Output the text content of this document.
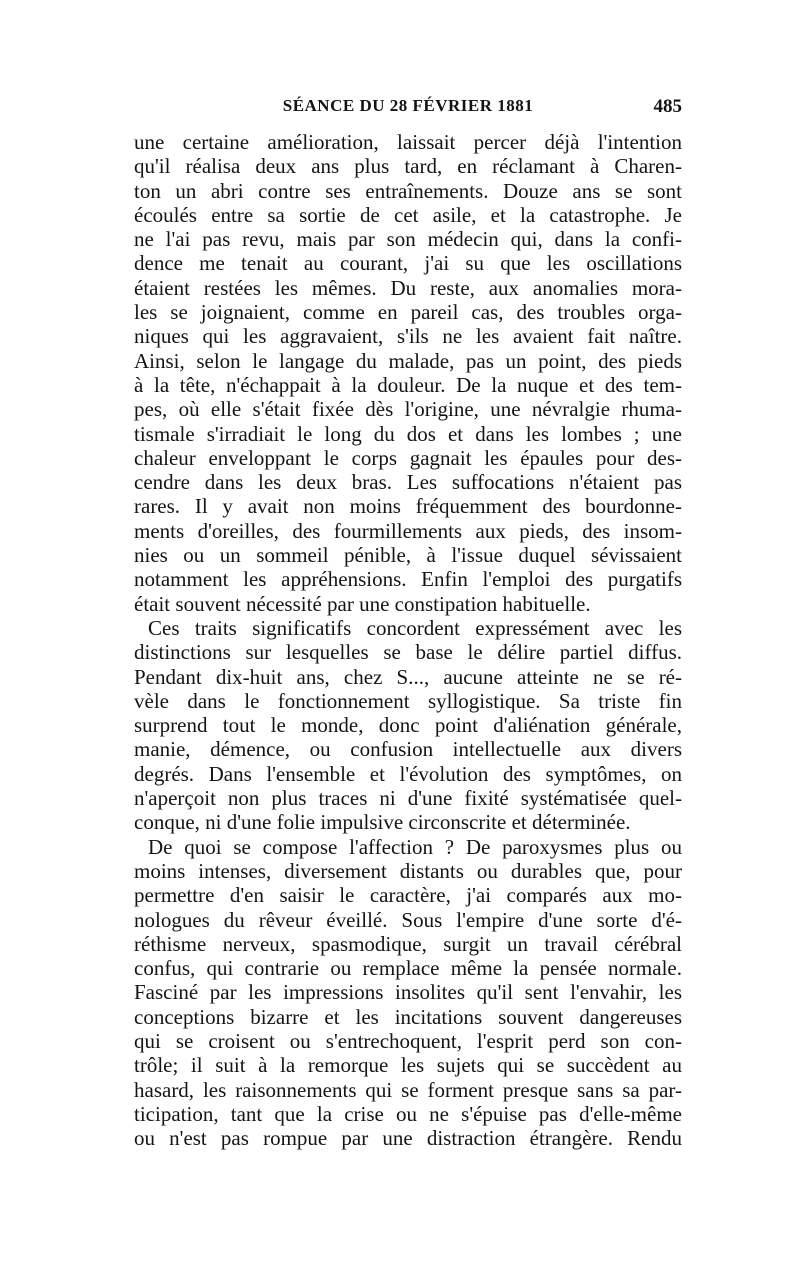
SÉANCE DU 28 FÉVRIER 1881	485
une certaine amélioration, laissait percer déjà l'intention
qu'il réalisa deux ans plus tard, en réclamant à Charen-
ton un abri contre ses entraînements. Douze ans se sont
écoulés entre sa sortie de cet asile, et la catastrophe. Je
ne l'ai pas revu, mais par son médecin qui, dans la confi-
dence me tenait au courant, j'ai su que les oscillations
étaient restées les mêmes. Du reste, aux anomalies mora-
les se joignaient, comme en pareil cas, des troubles orga-
niques qui les aggravaient, s'ils ne les avaient fait naître.
Ainsi, selon le langage du malade, pas un point, des pieds
à la tête, n'échappait à la douleur. De la nuque et des tem-
pes, où elle s'était fixée dès l'origine, une névralgie rhuma-
tismale s'irradiait le long du dos et dans les lombes ; une
chaleur enveloppant le corps gagnait les épaules pour des-
cendre dans les deux bras. Les suffocations n'étaient pas
rares. Il y avait non moins fréquemment des bourdonne-
ments d'oreilles, des fourmillements aux pieds, des insom-
nies ou un sommeil pénible, à l'issue duquel sévissaient
notamment les appréhensions. Enfin l'emploi des purgatifs
était souvent nécessité par une constipation habituelle.
Ces traits significatifs concordent expressément avec les
distinctions sur lesquelles se base le délire partiel diffus.
Pendant dix-huit ans, chez S..., aucune atteinte ne se ré-
vèle dans le fonctionnement syllogistique. Sa triste fin
surprend tout le monde, donc point d'aliénation générale,
manie, démence, ou confusion intellectuelle aux divers
degrés. Dans l'ensemble et l'évolution des symptômes, on
n'aperçoit non plus traces ni d'une fixité systématisée quel-
conque, ni d'une folie impulsive circonscrite et déterminée.
De quoi se compose l'affection ? De paroxysmes plus ou
moins intenses, diversement distants ou durables que, pour
permettre d'en saisir le caractère, j'ai comparés aux mo-
nologues du rêveur éveillé. Sous l'empire d'une sorte d'é-
réthisme nerveux, spasmodique, surgit un travail cérébral
confus, qui contrarie ou remplace même la pensée normale.
Fasciné par les impressions insolites qu'il sent l'envahir, les
conceptions bizarre et les incitations souvent dangereuses
qui se croisent ou s'entrechoquent, l'esprit perd son con-
trôle; il suit à la remorque les sujets qui se succèdent au
hasard, les raisonnements qui se forment presque sans sa par-
ticipation, tant que la crise ou ne s'épuise pas d'elle-même
ou n'est pas rompue par une distraction étrangère. Rendu
